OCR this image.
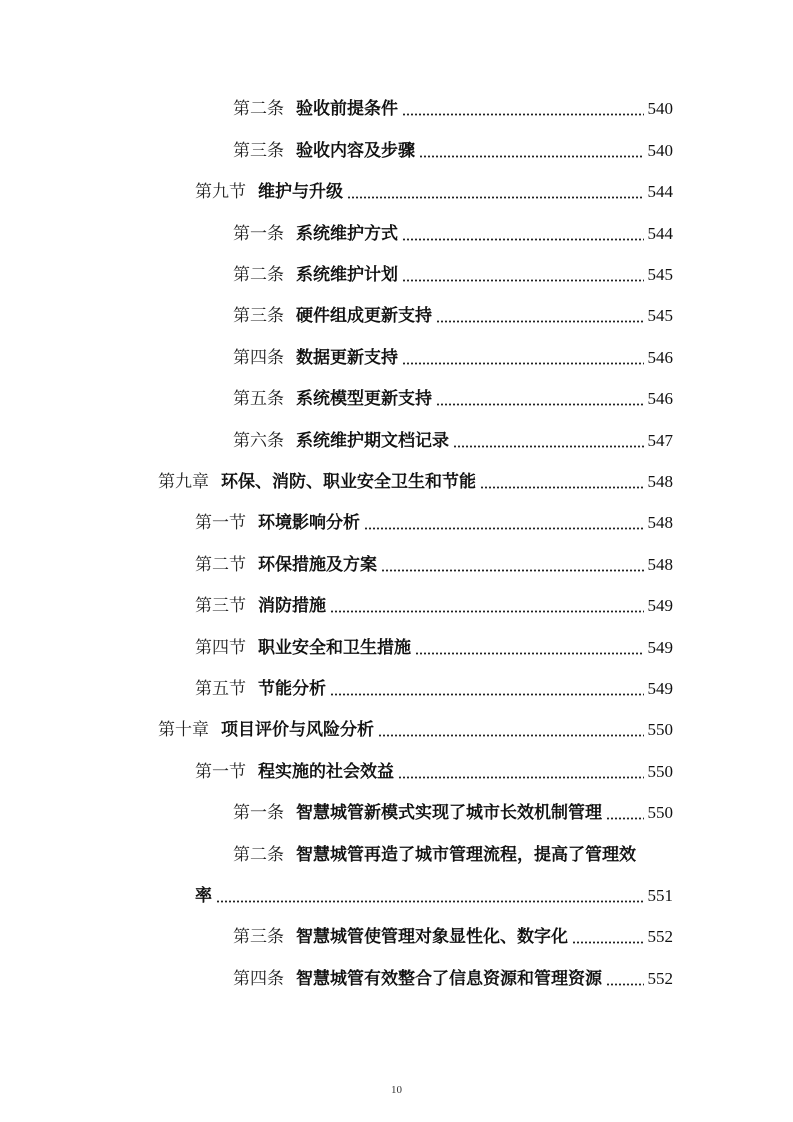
第二条 验收前提条件	540
第三条 验收内容及步骤	540
第九节 维护与升级	544
第一条 系统维护方式	544
第二条 系统维护计划	545
第三条 硬件组成更新支持	545
第四条 数据更新支持	546
第五条 系统模型更新支持	546
第六条 系统维护期文档记录	547
第九章 环保、消防、职业安全卫生和节能	548
第一节 环境影响分析	548
第二节 环保措施及方案	548
第三节 消防措施	549
第四节 职业安全和卫生措施	549
第五节 节能分析	549
第十章 项目评价与风险分析	550
第一节 程实施的社会效益	550
第一条 智慧城管新模式实现了城市长效机制管理	550
第二条 智慧城管再造了城市管理流程，提高了管理效
率	551
第三条 智慧城管使管理对象显性化、数字化	552
第四条 智慧城管有效整合了信息资源和管理资源	552
10
